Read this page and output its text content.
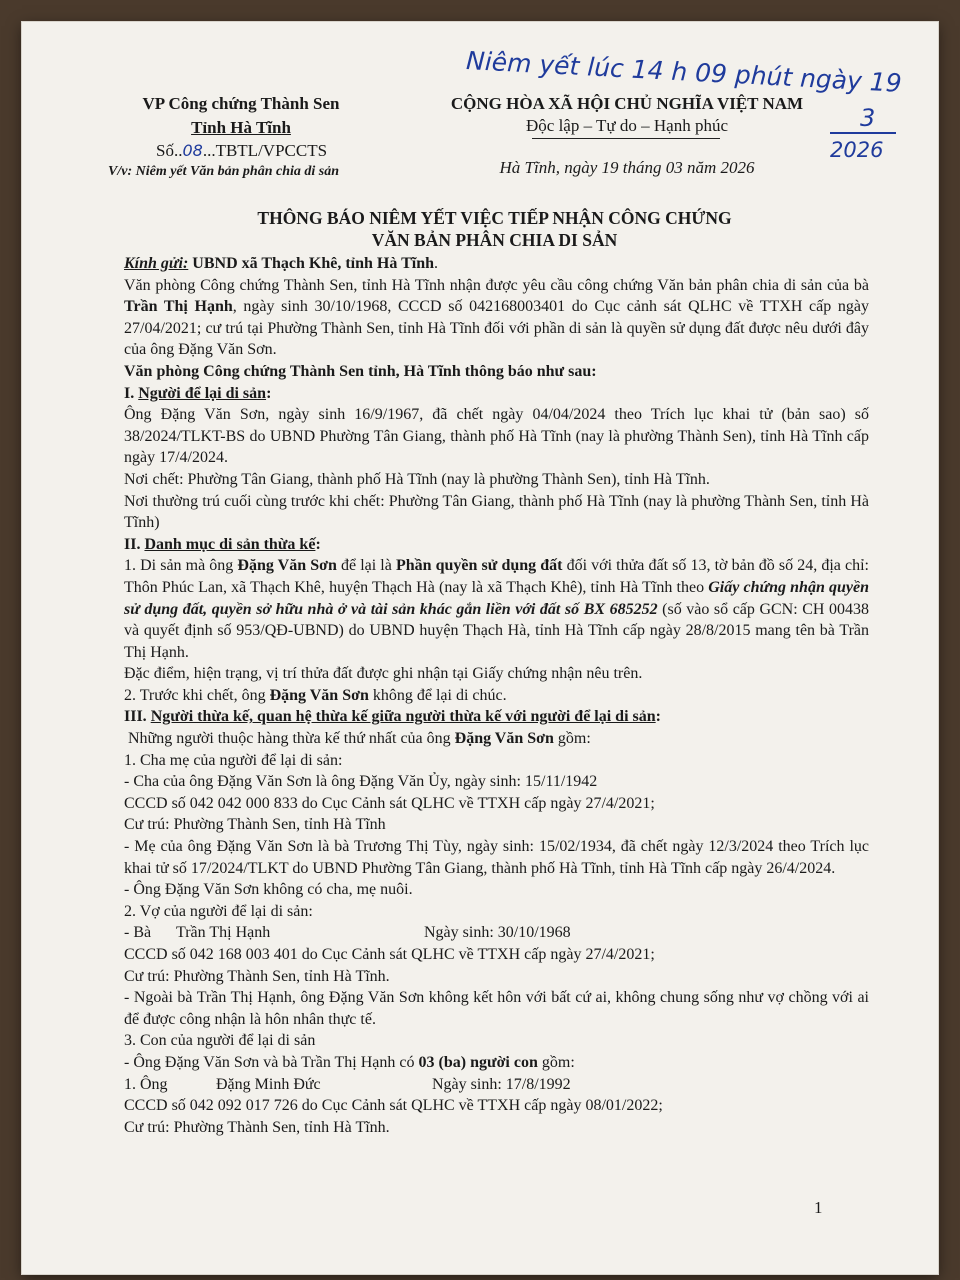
Niêm yết lúc 14 h 09 phút ngày 19
3
2026
VP Công chứng Thành Sen
Tỉnh Hà Tĩnh
Số..08...TBTL/VPCCTS
V/v: Niêm yết Văn bản phân chia di sản
CỘNG HÒA XÃ HỘI CHỦ NGHĨA VIỆT NAM
Độc lập – Tự do – Hạnh phúc
Hà Tĩnh, ngày 19 tháng 03 năm 2026
THÔNG BÁO NIÊM YẾT VIỆC TIẾP NHẬN CÔNG CHỨNG
VĂN BẢN PHÂN CHIA DI SẢN

Kính gửi: UBND xã Thạch Khê, tỉnh Hà Tĩnh.

Văn phòng Công chứng Thành Sen, tỉnh Hà Tĩnh nhận được yêu cầu công chứng Văn bản phân chia di sản của bà Trần Thị Hạnh, ngày sinh 30/10/1968, CCCD số 042168003401 do Cục cảnh sát QLHC về TTXH cấp ngày 27/04/2021; cư trú tại Phường Thành Sen, tỉnh Hà Tĩnh đối với phần di sản là quyền sử dụng đất được nêu dưới đây của ông Đặng Văn Sơn.

Văn phòng Công chứng Thành Sen tỉnh, Hà Tĩnh thông báo như sau:

I. Người để lại di sản:

Ông Đặng Văn Sơn, ngày sinh 16/9/1967, đã chết ngày 04/04/2024 theo Trích lục khai tử (bản sao) số 38/2024/TLKT-BS do UBND Phường Tân Giang, thành phố Hà Tĩnh (nay là phường Thành Sen), tỉnh Hà Tĩnh cấp ngày 17/4/2024.

Nơi chết: Phường Tân Giang, thành phố Hà Tĩnh (nay là phường Thành Sen), tỉnh Hà Tĩnh.

Nơi thường trú cuối cùng trước khi chết: Phường Tân Giang, thành phố Hà Tĩnh (nay là phường Thành Sen, tỉnh Hà Tĩnh)

II. Danh mục di sản thừa kế:

1. Di sản mà ông Đặng Văn Sơn để lại là Phần quyền sử dụng đất đối với thửa đất số 13, tờ bản đồ số 24, địa chỉ: Thôn Phúc Lan, xã Thạch Khê, huyện Thạch Hà (nay là xã Thạch Khê), tỉnh Hà Tĩnh theo Giấy chứng nhận quyền sử dụng đất, quyền sở hữu nhà ở và tài sản khác gắn liền với đất số BX 685252 (số vào sổ cấp GCN: CH 00438 và quyết định số 953/QĐ-UBND) do UBND huyện Thạch Hà, tỉnh Hà Tĩnh cấp ngày 28/8/2015 mang tên bà Trần Thị Hạnh.

Đặc điểm, hiện trạng, vị trí thửa đất được ghi nhận tại Giấy chứng nhận nêu trên.

2. Trước khi chết, ông Đặng Văn Sơn không để lại di chúc.

III. Người thừa kế, quan hệ thừa kế giữa người thừa kế với người để lại di sản:

Những người thuộc hàng thừa kế thứ nhất của ông Đặng Văn Sơn gồm:

1. Cha mẹ của người để lại di sản:

- Cha của ông Đặng Văn Sơn là ông Đặng Văn Ủy, ngày sinh: 15/11/1942

CCCD số 042 042 000 833 do Cục Cảnh sát QLHC về TTXH cấp ngày 27/4/2021;

Cư trú: Phường Thành Sen, tỉnh Hà Tĩnh

- Mẹ của ông Đặng Văn Sơn là bà Trương Thị Tùy, ngày sinh: 15/02/1934, đã chết ngày 12/3/2024 theo Trích lục khai tử số 17/2024/TLKT do UBND Phường Tân Giang, thành phố Hà Tĩnh, tỉnh Hà Tĩnh cấp ngày 26/4/2024.

- Ông Đặng Văn Sơn không có cha, mẹ nuôi.

2. Vợ của người để lại di sản:

- Bà Trần Thị Hạnh	Ngày sinh: 30/10/1968

CCCD số 042 168 003 401 do Cục Cảnh sát QLHC về TTXH cấp ngày 27/4/2021;

Cư trú: Phường Thành Sen, tỉnh Hà Tĩnh.

- Ngoài bà Trần Thị Hạnh, ông Đặng Văn Sơn không kết hôn với bất cứ ai, không chung sống như vợ chồng với ai để được công nhận là hôn nhân thực tế.

3. Con của người để lại di sản

- Ông Đặng Văn Sơn và bà Trần Thị Hạnh có 03 (ba) người con gồm:

1. Ông	Đặng Minh Đức	Ngày sinh: 17/8/1992

CCCD số 042 092 017 726 do Cục Cảnh sát QLHC về TTXH cấp ngày 08/01/2022;

Cư trú: Phường Thành Sen, tỉnh Hà Tĩnh.

1
